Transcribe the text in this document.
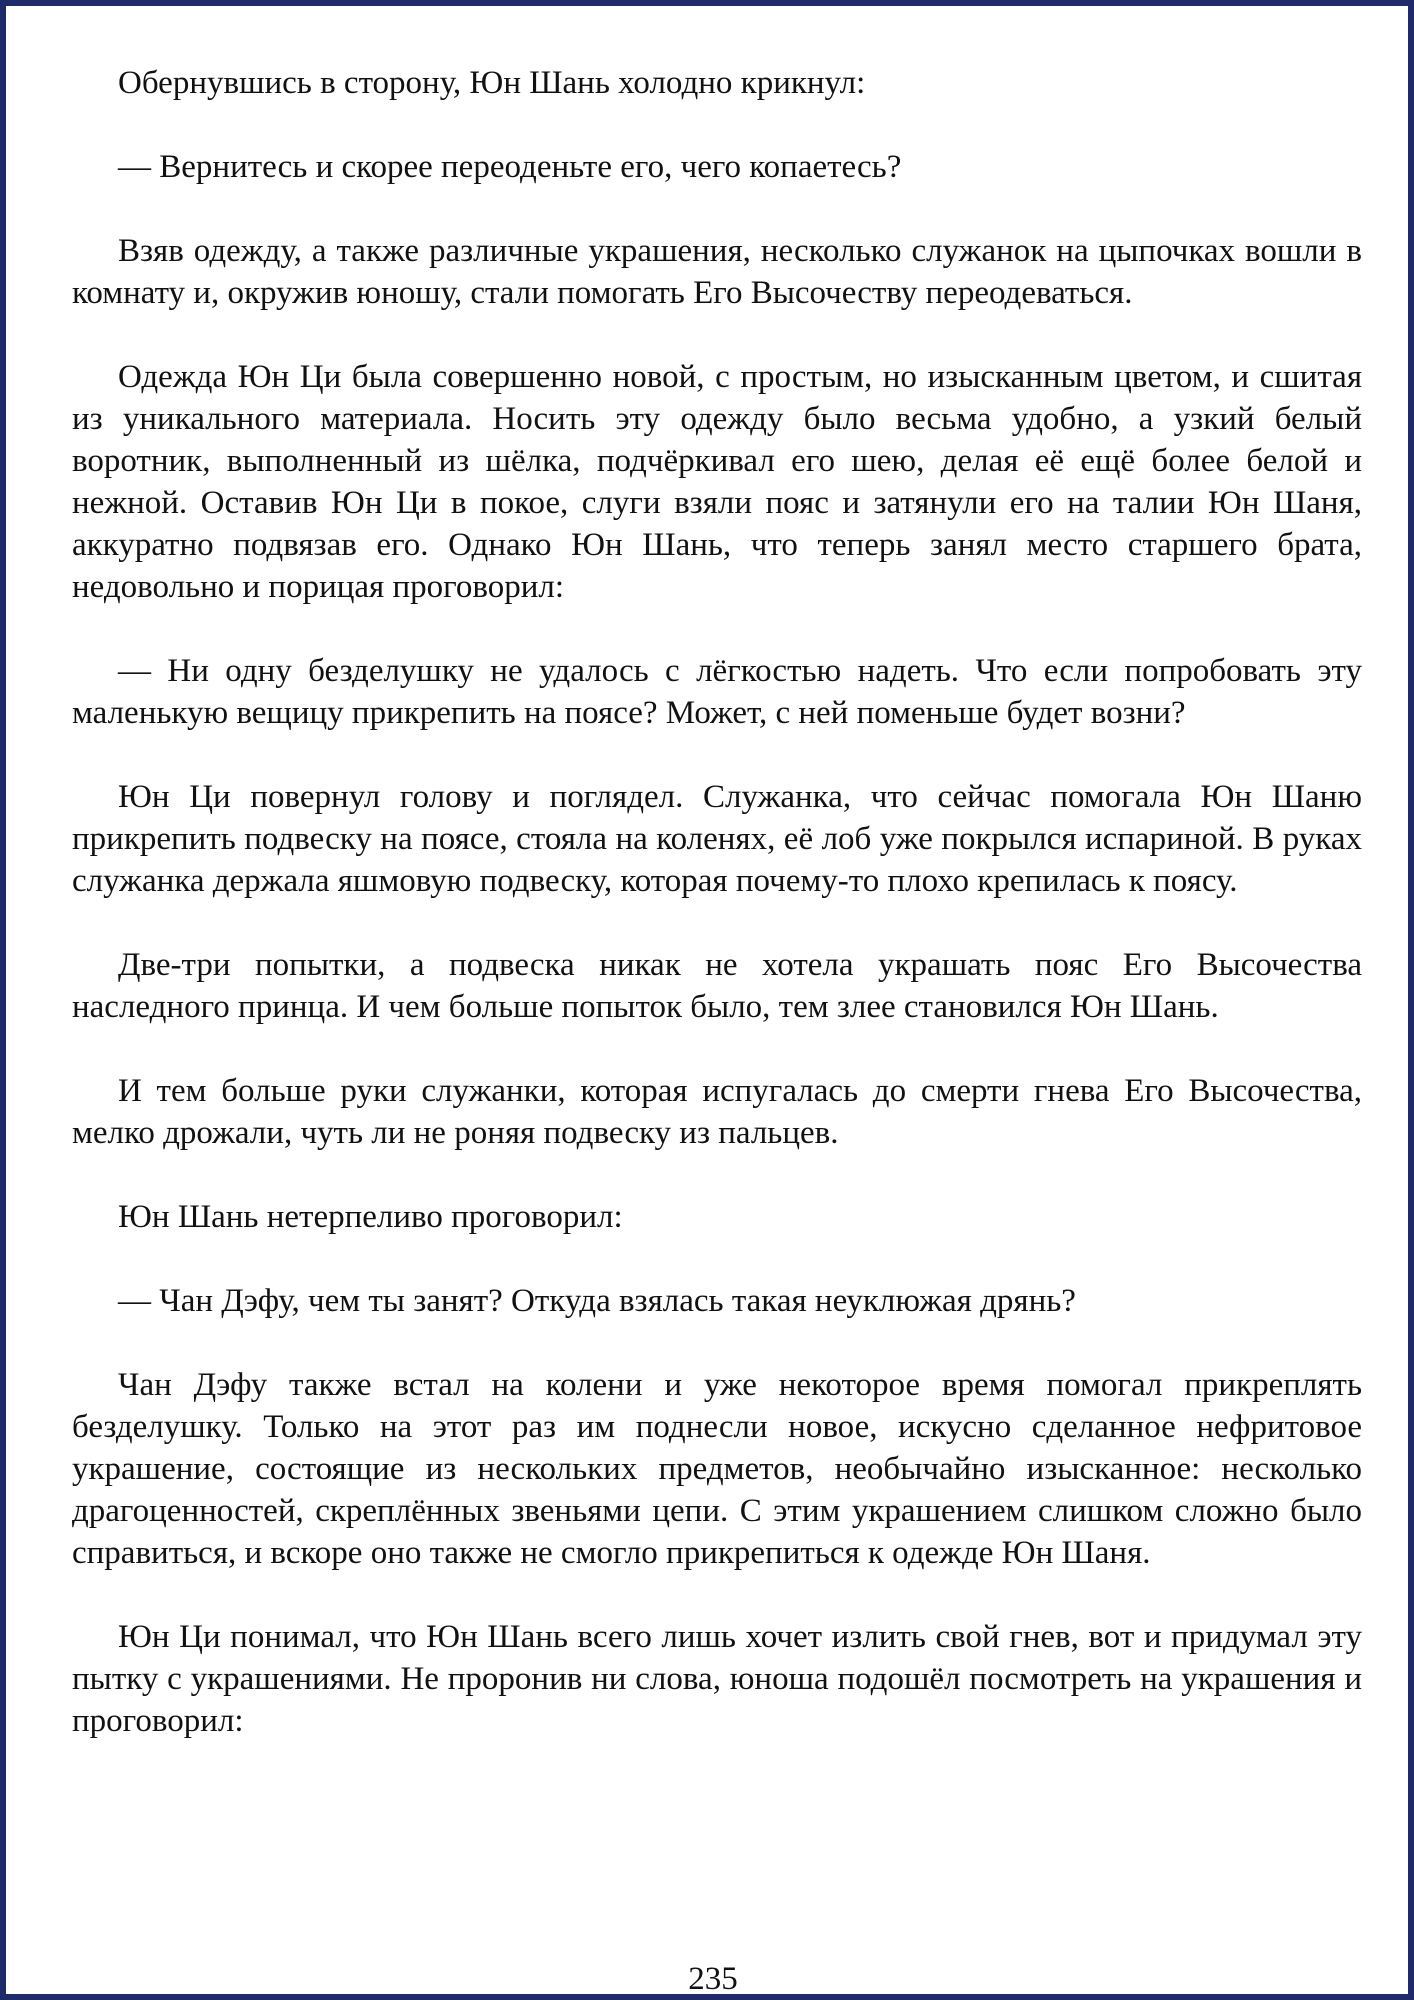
Обернувшись в сторону, Юн Шань холодно крикнул:

— Вернитесь и скорее переоденьте его, чего копаетесь?

Взяв одежду, а также различные украшения, несколько служанок на цыпочках вошли в комнату и, окружив юношу, стали помогать Его Высочеству переодеваться.

Одежда Юн Ци была совершенно новой, с простым, но изысканным цветом, и сшитая из уникального материала. Носить эту одежду было весьма удобно, а узкий белый воротник, выполненный из шёлка, подчёркивал его шею, делая её ещё более белой и нежной. Оставив Юн Ци в покое, слуги взяли пояс и затянули его на талии Юн Шаня, аккуратно подвязав его. Однако Юн Шань, что теперь занял место старшего брата, недовольно и порицая проговорил:

— Ни одну безделушку не удалось с лёгкостью надеть. Что если попробовать эту маленькую вещицу прикрепить на поясе? Может, с ней поменьше будет возни?

Юн Ци повернул голову и поглядел. Служанка, что сейчас помогала Юн Шаню прикрепить подвеску на поясе, стояла на коленях, её лоб уже покрылся испариной. В руках служанка держала яшмовую подвеску, которая почему-то плохо крепилась к поясу.

Две-три попытки, а подвеска никак не хотела украшать пояс Его Высочества наследного принца. И чем больше попыток было, тем злее становился Юн Шань.

И тем больше руки служанки, которая испугалась до смерти гнева Его Высочества, мелко дрожали, чуть ли не роняя подвеску из пальцев.

Юн Шань нетерпеливо проговорил:

— Чан Дэфу, чем ты занят? Откуда взялась такая неуклюжая дрянь?

Чан Дэфу также встал на колени и уже некоторое время помогал прикреплять безделушку. Только на этот раз им поднесли новое, искусно сделанное нефритовое украшение, состоящие из нескольких предметов, необычайно изысканное: несколько драгоценностей, скреплённых звеньями цепи. С этим украшением слишком сложно было справиться, и вскоре оно также не смогло прикрепиться к одежде Юн Шаня.

Юн Ци понимал, что Юн Шань всего лишь хочет излить свой гнев, вот и придумал эту пытку с украшениями. Не проронив ни слова, юноша подошёл посмотреть на украшения и проговорил:

235
